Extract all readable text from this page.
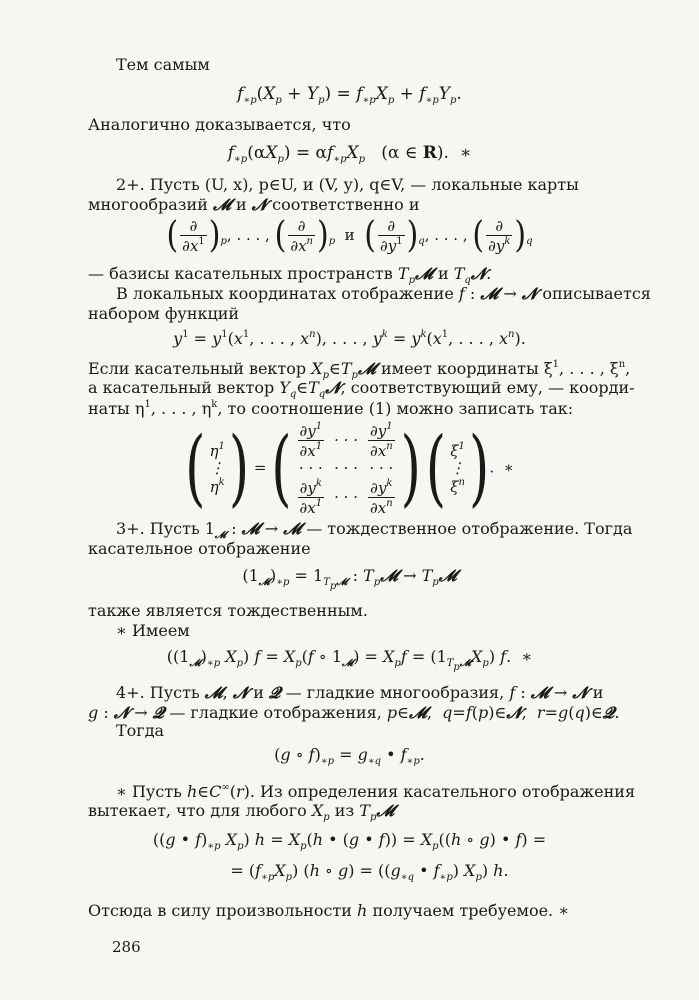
Тем самым
$f_{∗p}(X_p + Y_p) = f_{∗p}X_p + f_{∗p}Y_p$.
Аналогично доказывается, что
$f_{∗p}(\alpha X_p) = \alpha f_{∗p}X_p$   (α ∈ R).  ∗
2+. Пусть (U, x), p∈U, и (V, y), q∈V, — локальные карты
многообразий 𝓜 и 𝓝 соответственно и
( $\frac{\partial}{\partial x^1} )_p$, . . . , ( $\frac{\partial}{\partial x^n} )_p$ и ( $\frac{\partial}{\partial y^1} )_q$, . . . , ( $\frac{\partial}{\partial y^k} )_q$
— базисы касательных пространств $T_p𝓜$ и $T_q𝓝$.
В локальных координатах отображение f : 𝓜 → 𝓝 описывается
набором функций
$y^1 = y^1(x^1$, . . . , $x^n$), . . . , $y^k = y^k(x^1$, . . . , $x^n$).
Если касательный вектор $X_p\in T_p𝓜$ имеет координаты $\xi^1$, . . . , $\xi^n$,
а касательный вектор $Y_q\in T_q𝓝$, соответствующий ему, — коорди-
наты $\eta^1$, . . . , $\eta^k$, то соотношение (1) можно записать так:
( $\eta^1$
⋮
$\eta^k$ ) = ( $\frac{\partial y^1}{\partial x^1}$	· · ·	$\frac{\partial y^1}{\partial x^n}$

· · ·	· · ·	· · ·

$\frac{\partial y^k}{\partial x^1}$	· · ·	$\frac{\partial y^k}{\partial x^n}$ ) ( $\xi^1$
⋮
$\xi^n$ ).  ∗
3+. Пусть $1_𝓜$ : 𝓜 → 𝓜 — тождественное отображение. Тогда
касательное отображение
$(1_𝓜)_{∗p} = 1_{Tp𝓜}$ : $T_p𝓜$ → $T_p𝓜$
также является тождественным.
∗ Имеем
($(1_𝓜)_{∗p}$ $X_p$) $f = X_p(f$ ∘ $1_𝓜) = X_pf = (1_{Tp𝓜}X_p)$ f.  ∗
4+. Пусть 𝓜, 𝓝 и 𝓠 — гладкие многообразия, f : 𝓜 → 𝓝 и
g : 𝓝 → 𝓠 — гладкие отображения, p∈𝓜,  q=f(p)∈𝓝,  r=g(q)∈𝓠.
Тогда
(g ∘ $f)_{∗p} = g_{∗q}$ • $f_{∗p}$.
∗ Пусть h∈C∞(r). Из определения касательного отображения
вытекает, что для любого $X_p$ из $T_p𝓜$
((g • $f)_{∗p}$ $X_p$) $h = X_p(h$ • (g • $f)) = X_p((h$ ∘ g) • f) =
= $(f_{∗p}X_p)$ (h ∘ $g) = ((g_{∗q}$ • $f_{∗p}$) $X_p$) h.
Отсюда в силу произвольности h получаем требуемое. ∗
286
